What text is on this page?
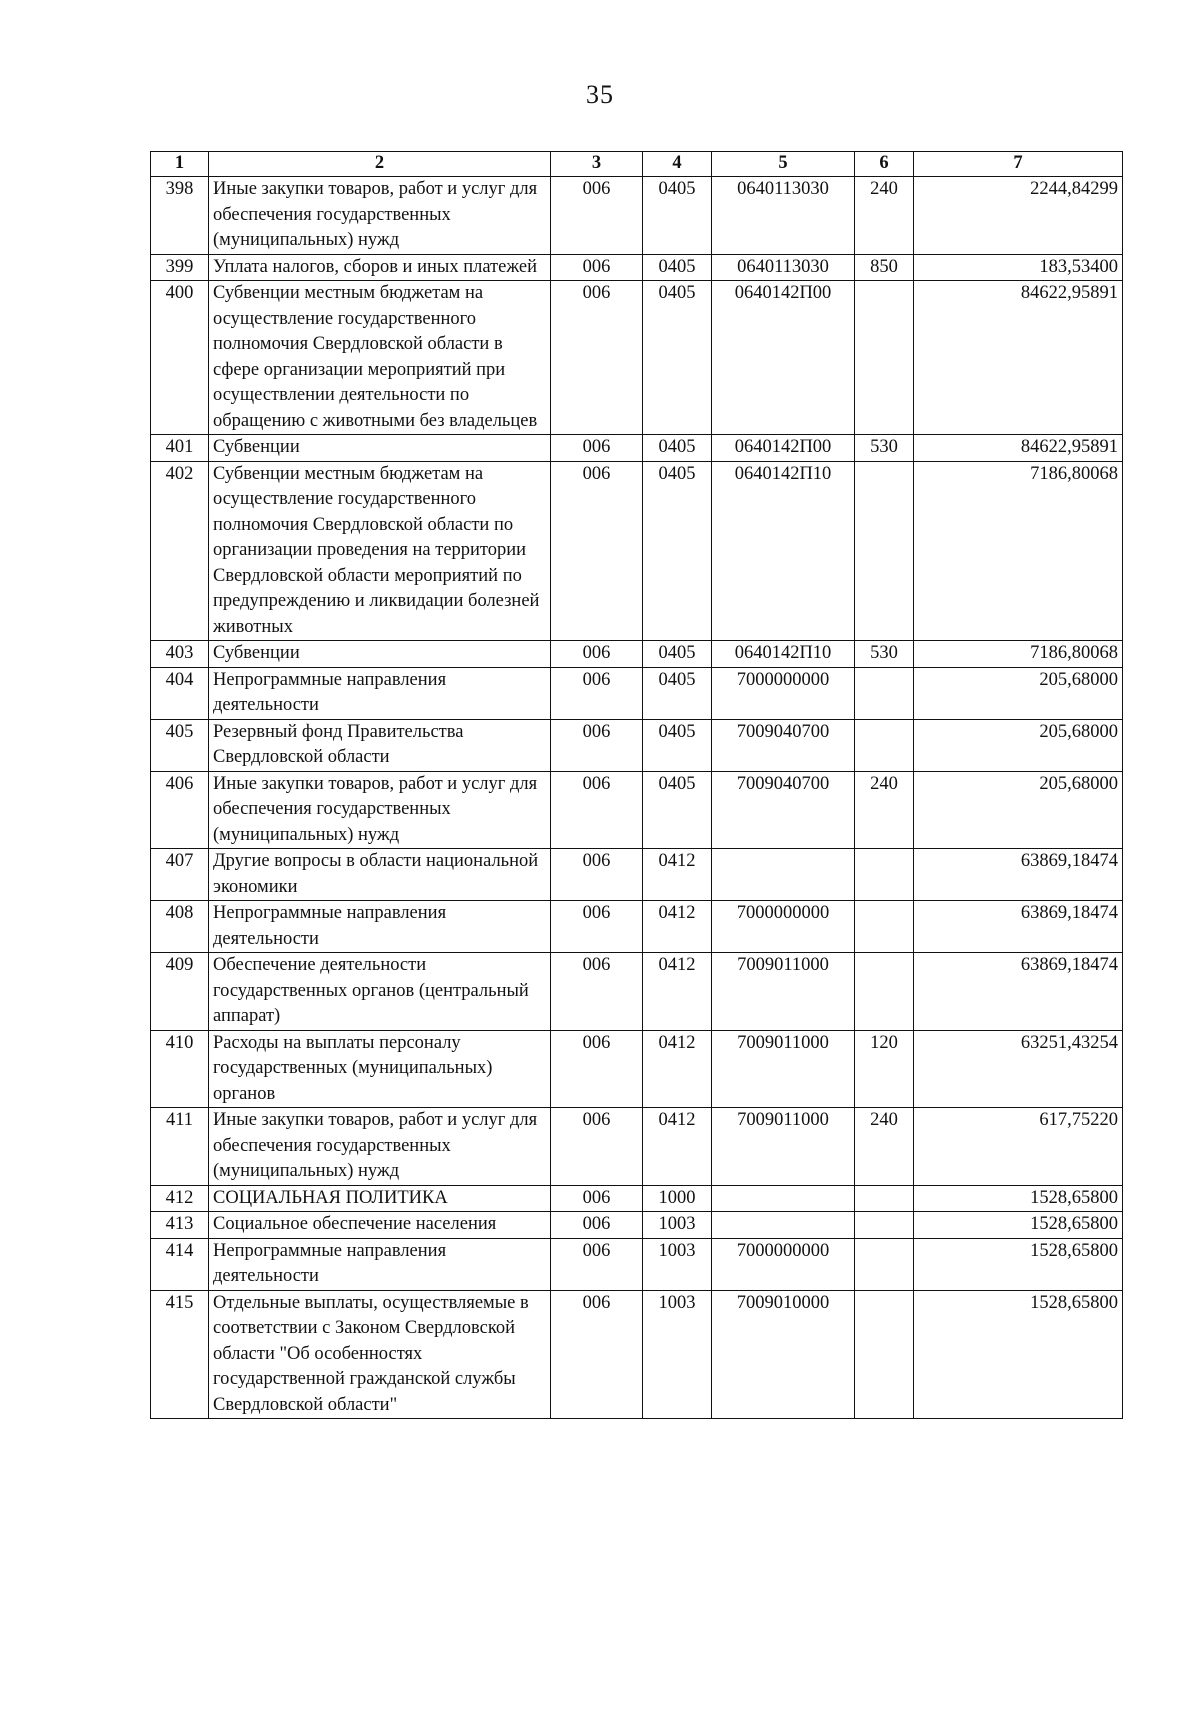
35
1	2	3	4	5	6	7
398	Иные закупки товаров, работ и услуг для обеспечения государственных (муниципальных) нужд	006	0405	0640113030	240	2244,84299
399	Уплата налогов, сборов и иных платежей	006	0405	0640113030	850	183,53400
400	Субвенции местным бюджетам на осуществление государственного полномочия Свердловской области в сфере организации мероприятий при осуществлении деятельности по обращению с животными без владельцев	006	0405	0640142П00		84622,95891
401	Субвенции	006	0405	0640142П00	530	84622,95891
402	Субвенции местным бюджетам на осуществление государственного полномочия Свердловской области по организации проведения на территории Свердловской области мероприятий по предупреждению и ликвидации болезней животных	006	0405	0640142П10		7186,80068
403	Субвенции	006	0405	0640142П10	530	7186,80068
404	Непрограммные направления деятельности	006	0405	7000000000		205,68000
405	Резервный фонд Правительства Свердловской области	006	0405	7009040700		205,68000
406	Иные закупки товаров, работ и услуг для обеспечения государственных (муниципальных) нужд	006	0405	7009040700	240	205,68000
407	Другие вопросы в области национальной экономики	006	0412			63869,18474
408	Непрограммные направления деятельности	006	0412	7000000000		63869,18474
409	Обеспечение деятельности государственных органов (центральный аппарат)	006	0412	7009011000		63869,18474
410	Расходы на выплаты персоналу государственных (муниципальных) органов	006	0412	7009011000	120	63251,43254
411	Иные закупки товаров, работ и услуг для обеспечения государственных (муниципальных) нужд	006	0412	7009011000	240	617,75220
412	СОЦИАЛЬНАЯ ПОЛИТИКА	006	1000			1528,65800
413	Социальное обеспечение населения	006	1003			1528,65800
414	Непрограммные направления деятельности	006	1003	7000000000		1528,65800
415	Отдельные выплаты, осуществляемые в соответствии с Законом Свердловской области "Об особенностях государственной гражданской службы Свердловской области"	006	1003	7009010000		1528,65800
